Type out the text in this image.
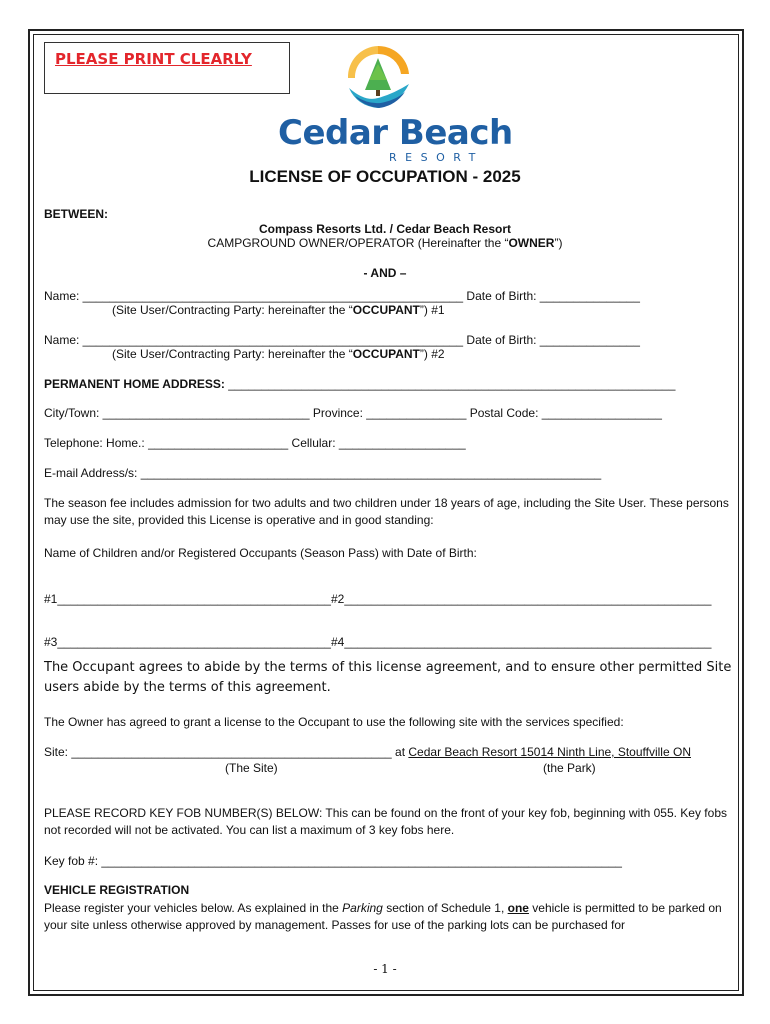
PLEASE PRINT CLEARLY
Cedar Beach
RESORT
LICENSE OF OCCUPATION - 2025
BETWEEN:
Compass Resorts Ltd. / Cedar Beach Resort
CAMPGROUND OWNER/OPERATOR (Hereinafter the “OWNER”)
- AND –
Name: _________________________________________________________ Date of Birth: _______________
(Site User/Contracting Party: hereinafter the “OCCUPANT”) #1
Name: _________________________________________________________ Date of Birth: _______________
(Site User/Contracting Party: hereinafter the “OCCUPANT”) #2
PERMANENT HOME ADDRESS: ___________________________________________________________________
City/Town: _______________________________ Province: _______________ Postal Code: __________________
Telephone: Home.: _____________________ Cellular: ___________________
E-mail Address/s: _____________________________________________________________________
The season fee includes admission for two adults and two children under 18 years of age, including the Site User. These persons may use the site, provided this License is operative and in good standing:
Name of Children and/or Registered Occupants (Season Pass) with Date of Birth:
#1_________________________________________#2_______________________________________________________
#3_________________________________________#4_______________________________________________________
The Occupant agrees to abide by the terms of this license agreement, and to ensure other permitted Site users abide by the terms of this agreement.
The Owner has agreed to grant a license to the Occupant to use the following site with the services specified:
Site: ________________________________________________ at Cedar Beach Resort 15014 Ninth Line, Stouffville ON
(The Site)	(the Park)
PLEASE RECORD KEY FOB NUMBER(S) BELOW: This can be found on the front of your key fob, beginning with 055. Key fobs not recorded will not be activated. You can list a maximum of 3 key fobs here.
Key fob #: ______________________________________________________________________________
VEHICLE REGISTRATION
Please register your vehicles below. As explained in the Parking section of Schedule 1, one vehicle is permitted to be parked on your site unless otherwise approved by management. Passes for use of the parking lots can be purchased for
- 1 -
